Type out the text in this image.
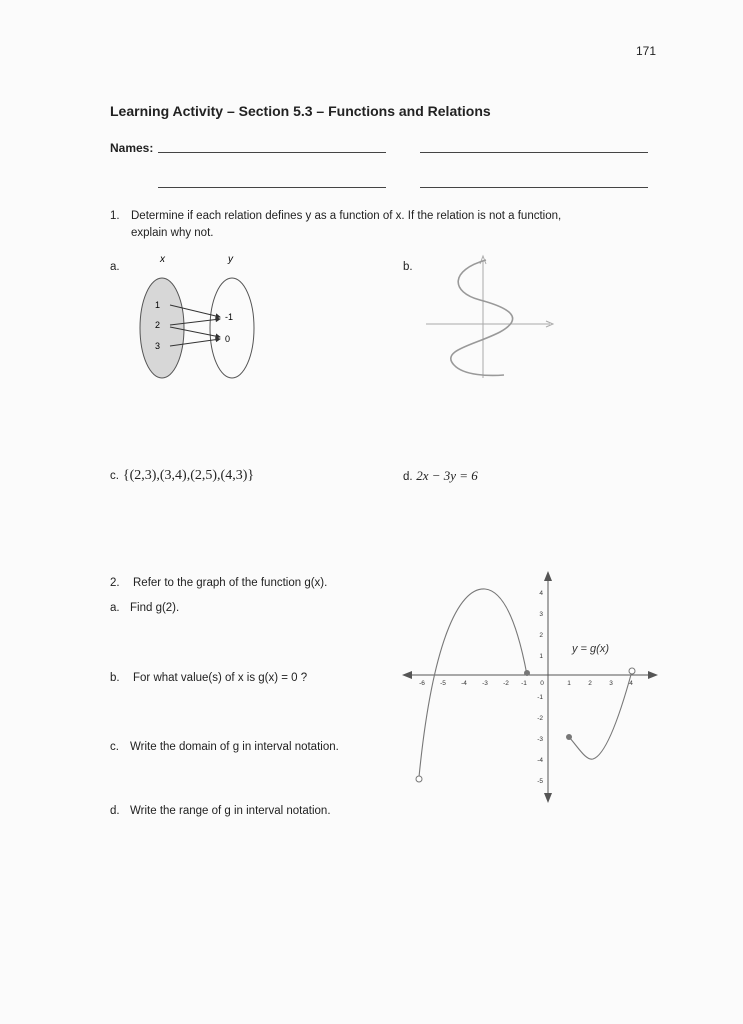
171
Learning Activity – Section 5.3 – Functions and Relations
Names:
1. Determine if each relation defines y as a function of x. If the relation is not a function,
explain why not.
a.
x	y
1
2
3
-1
0
b.
c. {(2,3),(3,4),(2,5),(4,3)}	d. 2x − 3y = 6
2. Refer to the graph of the function g(x).
a. Find g(2).
b. For what value(s) of x is g(x) = 0 ?
c. Write the domain of g in interval notation.
d. Write the range of g in interval notation.
-6 -5 -4 -3 -2 -1 0	1	2	3	4
4
3
2
1
-1
-2
-3
-4
-5
y = g(x)
